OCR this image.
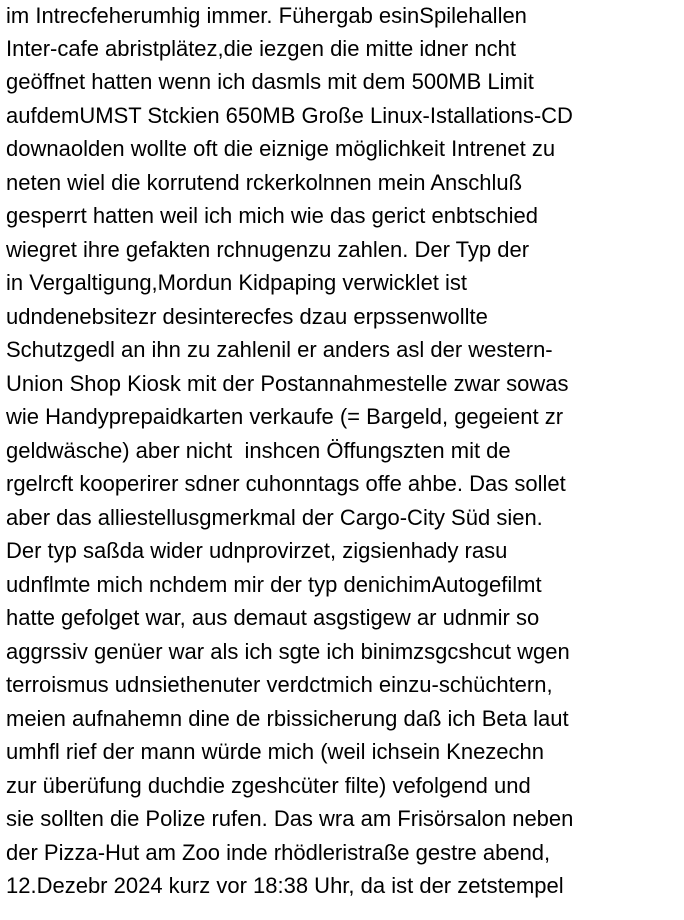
im Intrecfeherumhig immer. Fühergab esinSpilehallen

Inter-cafe abristplätez,die iezgen die mitte idner ncht

geöffnet hatten wenn ich dasmls mit dem 500MB Limit

aufdemUMST Stckien 650MB Große Linux-Istallations-CD

downaolden wollte oft die eiznige möglichkeit Intrenet zu

neten wiel die korrutend rckerkolnnen mein Anschluß

gesperrt hatten weil ich mich wie das gerict enbtschied

wiegret ihre gefakten rchnugenzu zahlen. Der Typ der

in Vergaltigung,Mordun Kidpaping verwicklet ist

udndenebsitezr desinterecfes dzau erpssenwollte

Schutzgedl an ihn zu zahlenil er anders asl der western-

Union Shop Kiosk mit der Postannahmestelle zwar sowas

wie Handyprepaidkarten verkaufe (= Bargeld, gegeient zr

geldwäsche) aber nicht  inshcen Öffungszten mit de

rgelrcft kooperirer sdner cuhonntags offe ahbe. Das sollet

aber das alliestellusgmerkmal der Cargo-City Süd sien.

Der typ saßda wider udnprovirzet, zigsienhady rasu

udnflmte mich nchdem mir der typ denichimAutogefilmt

hatte gefolget war, aus demaut asgstigew ar udnmir so

aggrssiv genüer war als ich sgte ich binimzsgcshcut wgen

terroismus udnsiethenuter verdctmich einzu-schüchtern,

meien aufnahemn dine de rbissicherung daß ich Beta laut

umhfl rief der mann würde mich (weil ichsein Knezechn

zur überüfung duchdie zgeshcüter filte) vefolgend und

sie sollten die Polize rufen. Das wra am Frisörsalon neben

der Pizza-Hut am Zoo inde rhödleristraße gestre abend,

12.Dezebr 2024 kurz vor 18:38 Uhr, da ist der zetstempel
